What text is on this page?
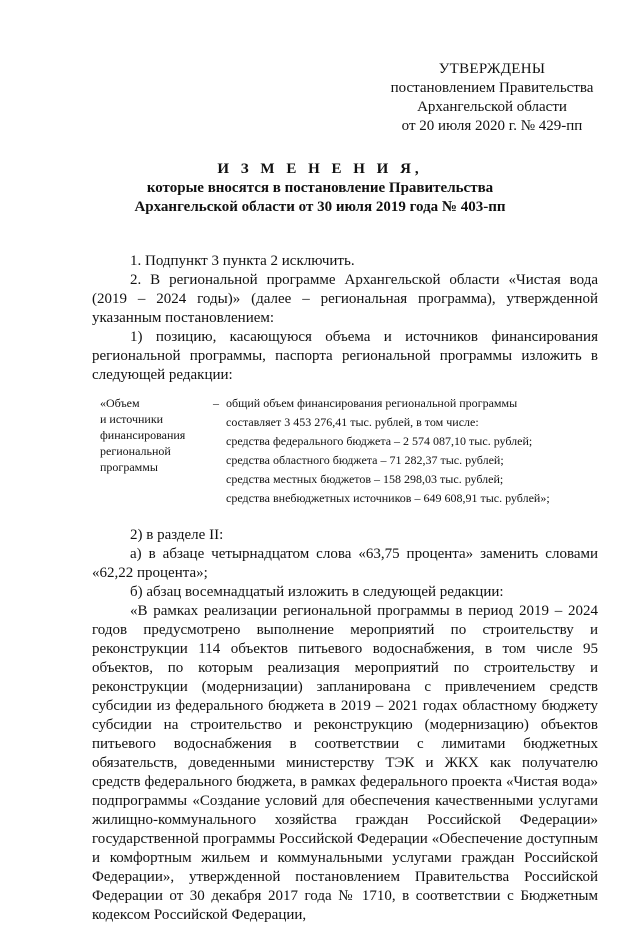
УТВЕРЖДЕНЫ
постановлением Правительства
Архангельской области
от 20 июля 2020 г. № 429-пп
И З М Е Н Е Н И Я,
которые вносятся в постановление Правительства
Архангельской области от 30 июля 2019 года № 403-пп

1. Подпункт 3 пункта 2 исключить.

2. В региональной программе Архангельской области «Чистая вода (2019 – 2024 годы)» (далее – региональная программа), утвержденной указанным постановлением:

1) позицию, касающуюся объема и источников финансирования региональной программы, паспорта региональной программы изложить в следующей редакции:

«Объем
и источники
финансирования
региональной
программы
	–	общий объем финансирования региональной программы
составляет 3 453 276,41 тыс. рублей, в том числе:
средства федерального бюджета – 2 574 087,10 тыс. рублей;
средства областного бюджета – 71 282,37 тыс. рублей;
средства местных бюджетов – 158 298,03 тыс. рублей;
средства внебюджетных источников – 649 608,91 тыс. рублей»;

2) в разделе II:

а) в абзаце четырнадцатом слова «63,75 процента» заменить словами «62,22 процента»;

б) абзац восемнадцатый изложить в следующей редакции:

«В рамках реализации региональной программы в период 2019 – 2024 годов предусмотрено выполнение мероприятий по строительству и реконструкции 114 объектов питьевого водоснабжения, в том числе 95 объектов, по которым реализация мероприятий по строительству и реконструкции (модернизации) запланирована с привлечением средств субсидии из федерального бюджета в 2019 – 2021 годах областному бюджету субсидии на строительство и реконструкцию (модернизацию) объектов питьевого водоснабжения в соответствии с лимитами бюджетных обязательств, доведенными министерству ТЭК и ЖКХ как получателю средств федерального бюджета, в рамках федерального проекта «Чистая вода» подпрограммы «Создание условий для обеспечения качественными услугами жилищно-коммунального хозяйства граждан Российской Федерации» государственной программы Российской Федерации «Обеспечение доступным и комфортным жильем и коммунальными услугами граждан Российской Федерации», утвержденной постановлением Правительства Российской Федерации от 30 декабря 2017 года № 1710, в соответствии с Бюджетным кодексом Российской Федерации,
